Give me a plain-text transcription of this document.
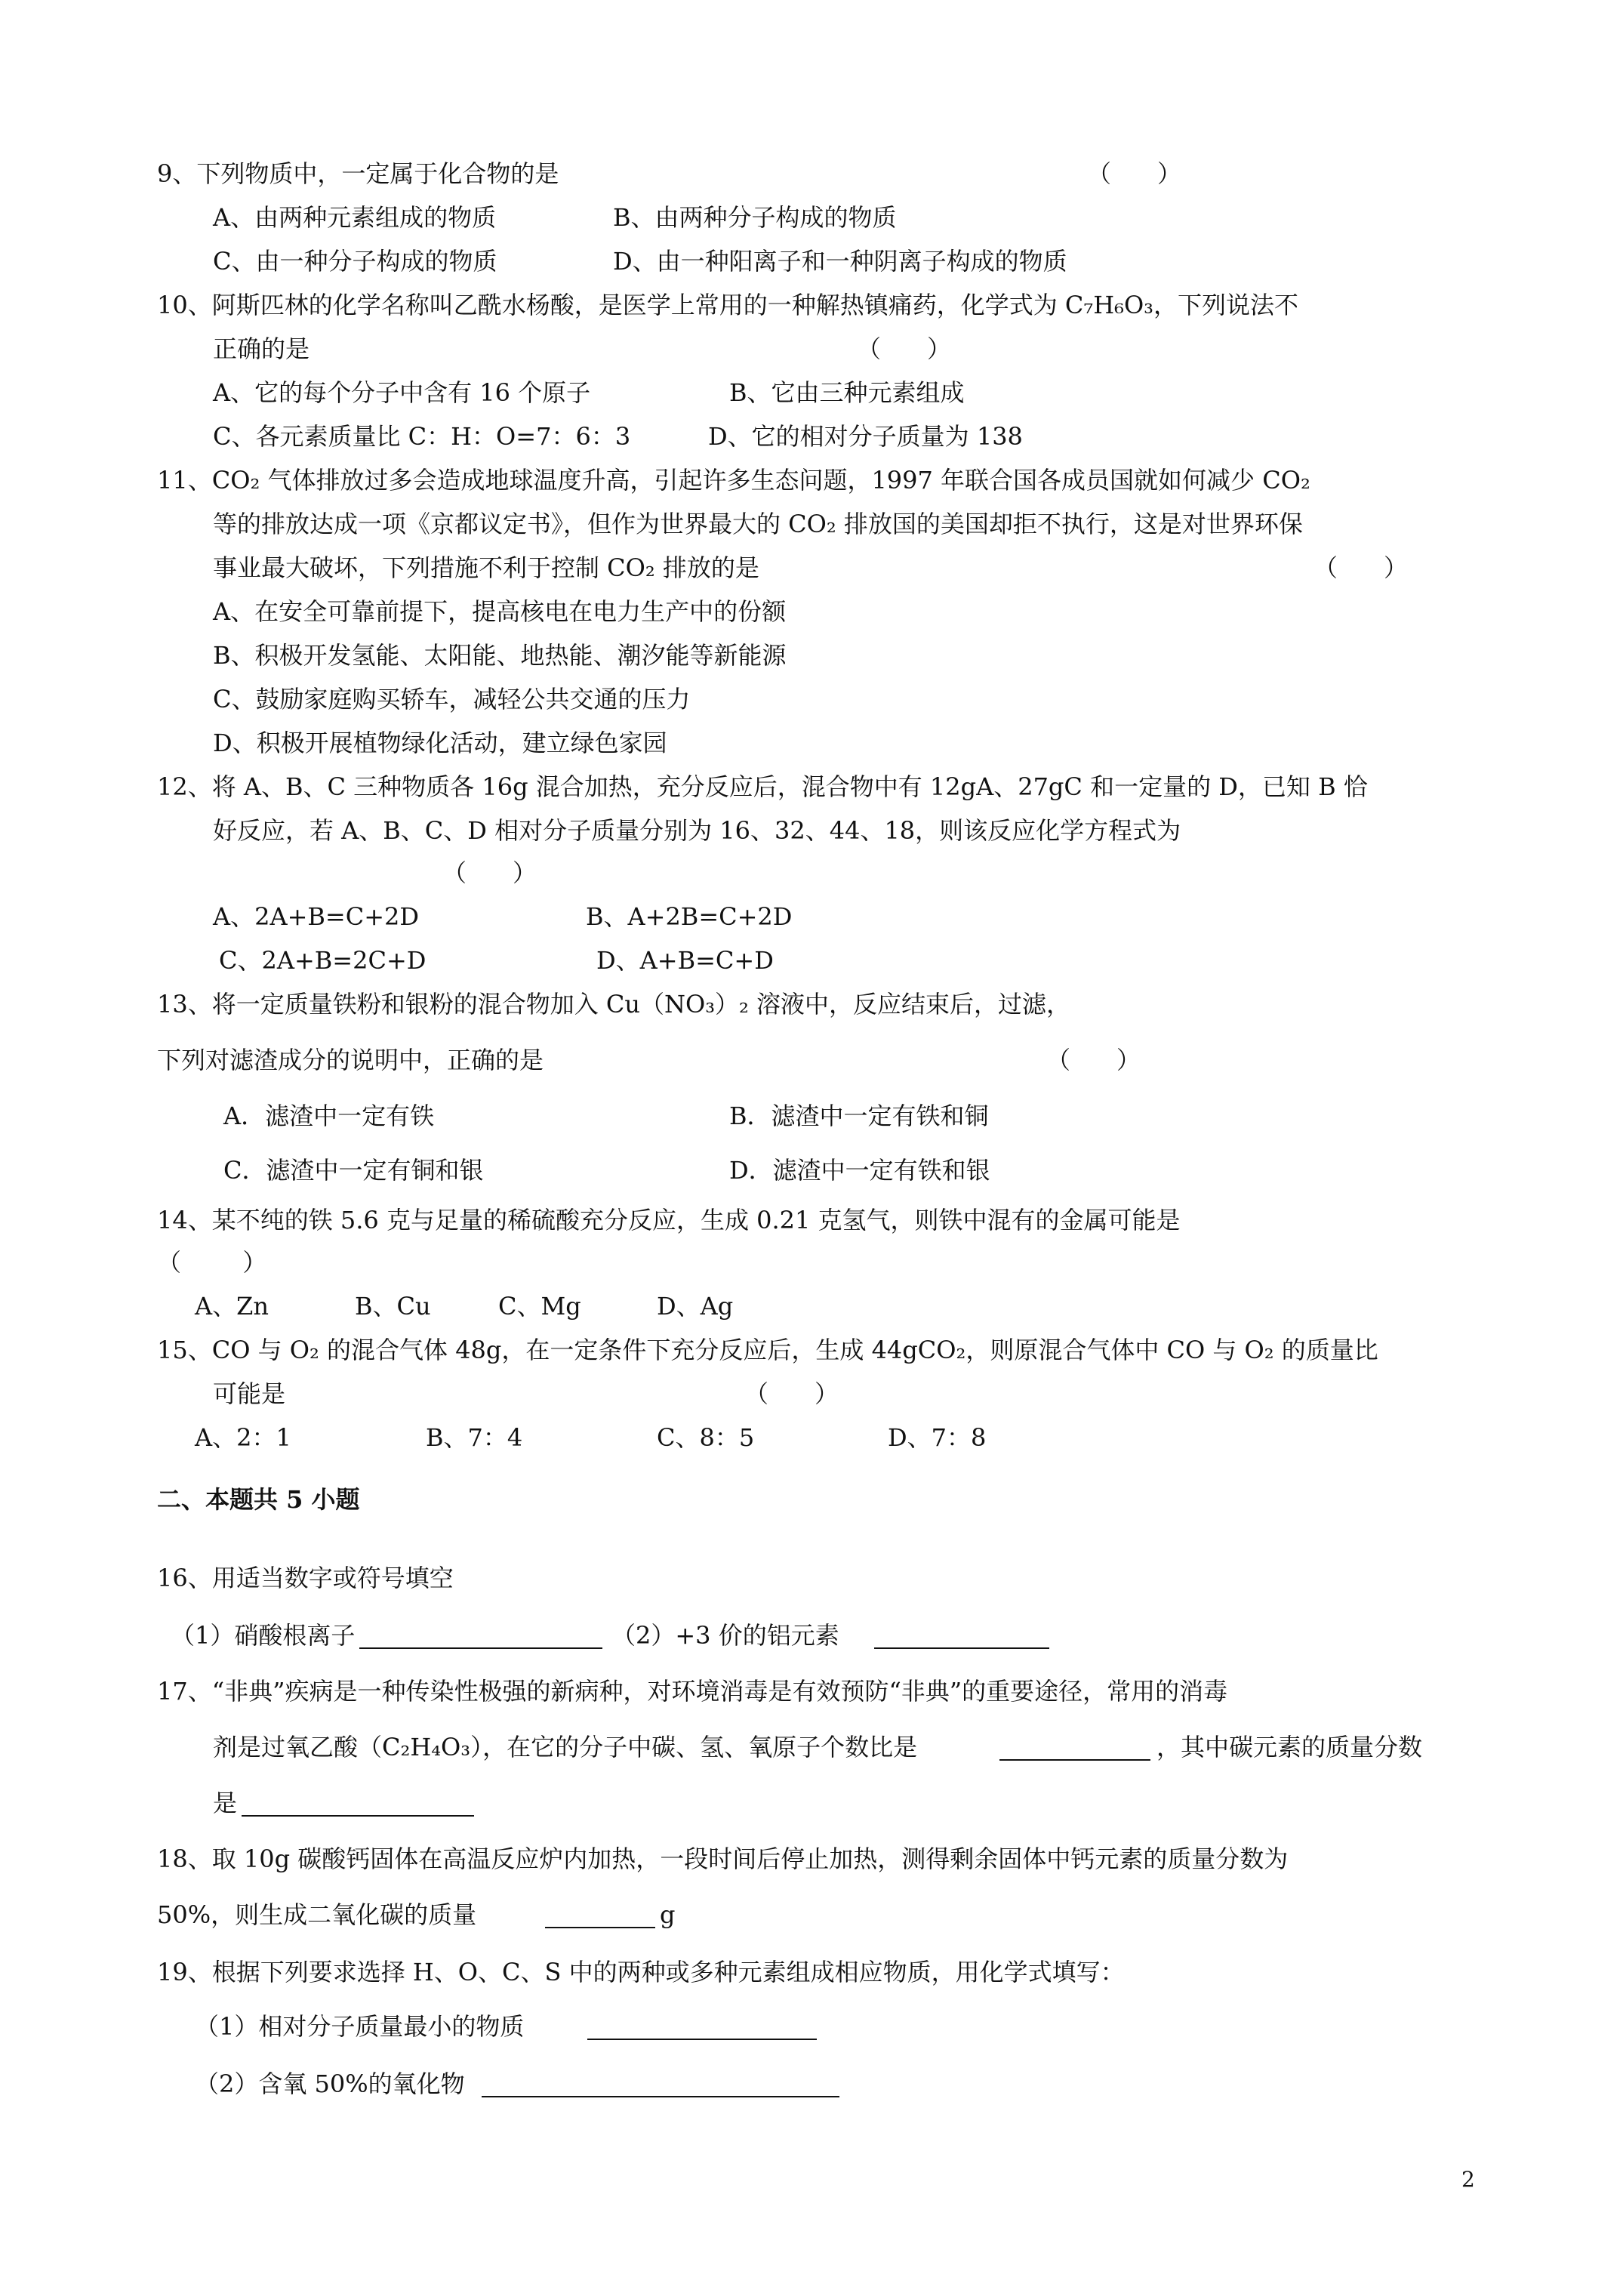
9、下列物质中，一定属于化合物的是	（      ）
A、由两种元素组成的物质	B、由两种分子构成的物质
C、由一种分子构成的物质	D、由一种阳离子和一种阴离子构成的物质
10、阿斯匹林的化学名称叫乙酰水杨酸，是医学上常用的一种解热镇痛药，化学式为 C₇H₆O₃，下列说法不
正确的是	（      ）
A、它的每个分子中含有 16 个原子	B、它由三种元素组成
C、各元素质量比 C：H：O=7：6：3	D、它的相对分子质量为 138
11、CO₂ 气体排放过多会造成地球温度升高，引起许多生态问题，1997 年联合国各成员国就如何减少 CO₂
等的排放达成一项《京都议定书》，但作为世界最大的 CO₂ 排放国的美国却拒不执行，这是对世界环保
事业最大破坏，下列措施不利于控制 CO₂ 排放的是	（      ）
A、在安全可靠前提下，提高核电在电力生产中的份额
B、积极开发氢能、太阳能、地热能、潮汐能等新能源
C、鼓励家庭购买轿车，减轻公共交通的压力
D、积极开展植物绿化活动，建立绿色家园
12、将 A、B、C 三种物质各 16g 混合加热，充分反应后，混合物中有 12gA、27gC 和一定量的 D，已知 B 恰
好反应，若 A、B、C、D 相对分子质量分别为 16、32、44、18，则该反应化学方程式为
（      ）
A、2A+B=C+2D	B、A+2B=C+2D
C、2A+B=2C+D	D、A+B=C+D
13、将一定质量铁粉和银粉的混合物加入 Cu（NO₃）₂ 溶液中，反应结束后，过滤，
下列对滤渣成分的说明中，正确的是	（      ）
A．滤渣中一定有铁	B．滤渣中一定有铁和铜
C．滤渣中一定有铜和银	D．滤渣中一定有铁和银
14、某不纯的铁 5.6 克与足量的稀硫酸充分反应，生成 0.21 克氢气，则铁中混有的金属可能是
（        ）
A、Zn	B、Cu	C、Mg	D、Ag
15、CO 与 O₂ 的混合气体 48g，在一定条件下充分反应后，生成 44gCO₂，则原混合气体中 CO 与 O₂ 的质量比
可能是	（      ）
A、2：1	B、7：4	C、8：5	D、7：8
二、本题共 5 小题
16、用适当数字或符号填空
（1）硝酸根离子	（2）+3 价的铝元素
17、“非典”疾病是一种传染性极强的新病种，对环境消毒是有效预防“非典”的重要途径，常用的消毒
剂是过氧乙酸（C₂H₄O₃），在它的分子中碳、氢、氧原子个数比是	，其中碳元素的质量分数
是
18、取 10g 碳酸钙固体在高温反应炉内加热，一段时间后停止加热，测得剩余固体中钙元素的质量分数为
50%，则生成二氧化碳的质量	g
19、根据下列要求选择 H、O、C、S 中的两种或多种元素组成相应物质，用化学式填写：
（1）相对分子质量最小的物质
（2）含氧 50%的氧化物
2
